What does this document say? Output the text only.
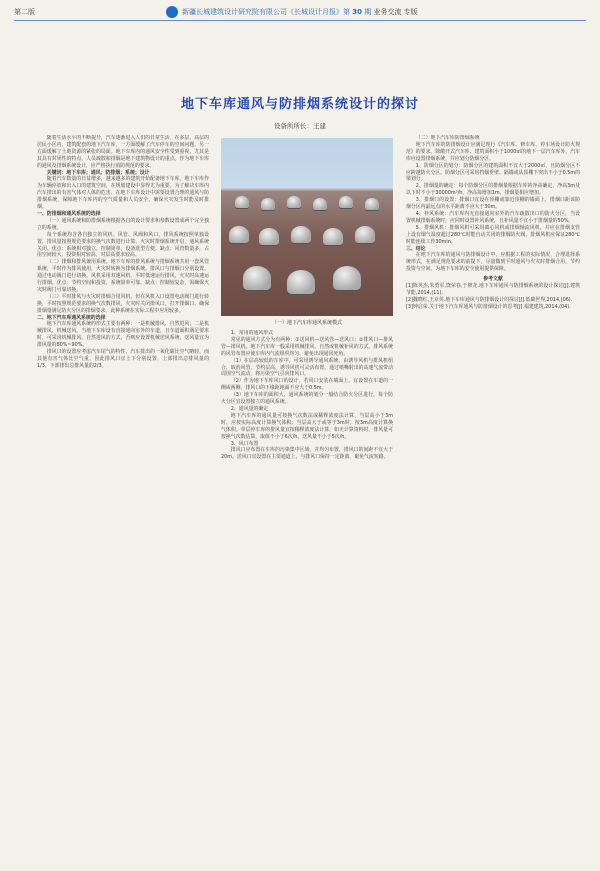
第二版	新疆长城建筑设计研究院有限公司《长城设计月报》第 30 期 业务交流 专版
地下车库通风与防排烟系统设计的探讨
设备所所长：王建

随着生活水平的不断提升，汽车逐渐进入人们的日常生活，在多层、高层的居民小区内，建筑配套的地下汽车库，一方面缓解了汽车停车的空间问题，另一方面缓解了土地资源的紧张的局面。地下车库内的通风安全性受到重视，尤其是其具有封闭性的特点，人员疏散和排烟是地下建筑物设计的重点。作为地下车库的通风及排烟系统设计，应严格执行消防规范的要求。

关键词：地下车库；通风；防排烟；系统；设计

随着汽车数量的日益增多，越来越多的建筑开始配备地下车库，地下车库作为车辆停放和出入口的建筑空间，在规划建设中显得尤为重要。为了解决车库内汽车排出的有害气体对人体的危害，在地下车库设计中需要设置合理的通风与防排烟系统，保障地下车库内的空气质量和人员安全，确保火灾发生时能及时排烟。

一、防排烟和通风系统的选择

（一）通风系统和防排烟系统根据各自的设计要求和参数设置成两个完全独立的系统。

每个系统均含各自独立的风机、风管、风阀和风口，排风系统按照单独设置，排风量按照规范要求的换气次数进行计算，火灾时排烟系统开启，通风系统关闭。优点：系统相对独立，控制简单，设备选型方便。缺点：风管数量多，占用空间较大，投资相对较高，对层高要求较高。

（二）排烟和排风兼用系统。地下车库的排风系统与排烟系统共用一套风管系统，平时作为排风使用，火灾时转换为排烟系统。排风口与排烟口分别设置，通过电动阀门进行切换。风机采用双速风机，平时低速运行排风，火灾时高速运行排烟。优点：节约空间和投资，系统简单可靠。缺点：控制较复杂，需确保火灾时阀门可靠切换。

（三）平时排风与火灾时排烟合用风机，但在风机入口设置电动阀门进行转换，平时按照规范要求的换气次数排风，火灾时关闭排风口，打开排烟口，确保排烟量满足防火分区的排烟要求。此种系统在实际工程中应用较多。

二、地下汽车库通风系统的选择

地下汽车库通风系统的形式主要有两种：一是机械排风、自然进风；二是机械排风、机械送风。当地下车库设有直接通向室外的车道，且车道面积满足要求时，可采用机械排风、自然进风的方式，否则应设置机械送风系统，送风量宜为排风量的80%~90%。

排风口的设置应考虑汽车尾气的特性，汽车排出的一氧化碳比空气略轻，而其他有害气体比空气重，因此排风口宜上下分别设置，上部排出总排风量的1/3，下部排出总排风量的2/3。

（一）地下汽车库通风系统模式

1、常用的通风形式

常见的通风方式分为有两种：①送风机—送风管—送风口；②排风口—排风管—排风机。地下汽车库一般采用机械排风，自然或机械补风的方式，排风系统的风管布置应使车库内气流组织均匀，避免出现通风死角。

（1）在层高较低的车库中，可采用诱导通风系统，由诱导风机与排风机组合，取消风管，节约层高，诱导风机可灵活布置，通过喷嘴射出的高速气流带动周围空气流动，将污染空气引向排风口。

（2）作为地下车库风口的设计，若风口安装在墙面上，宜设置在车道的一侧或两侧，排风口的下缘距地面不应大于0.5m。

（3）地下车库的面积大，通风系统的划分一般结合防火分区进行，每个防火分区宜设置独立的通风系统。

2、通风量的确定

地下汽车库的通风量可按换气次数法或稀释浓度法计算，当层高小于3m时，应按实际高度计算换气体积；当层高大于或等于3m时，按3m高度计算换气体积。单层停车库的排风量宜按稀释浓度法计算，如无计算资料时，排风量可按换气次数估算，取值不小于6次/h，送风量不小于5次/h。

3、风口布置

排风口应布置在车库的污染集中区域，并均匀布置，排风口的间距不宜大于20m。送风口宜设置在主要通道上，与排风口保持一定距离，避免气流短路。

（二）地下汽车库防排烟系统

地下汽车库的防排烟设计应满足现行《汽车库、修车库、停车场设计防火规范》的要求。除敞开式汽车库、建筑面积小于1000㎡的地下一层汽车库外，汽车库应设置排烟系统，并应划分防烟分区。

1、防烟分区的划分：防烟分区的建筑面积不宜大于2000㎡，且防烟分区不应跨越防火分区。防烟分区可采用挡烟垂壁、隔墙或从顶棚下突出不小于0.5m的梁划分。

2、排烟量的确定：每个防烟分区的排烟量根据车库的净高确定，净高3m及以下时不小于30000m³/h，净高每增加1m，排烟量相应增加。

3、排烟口的设置：排烟口宜设在顶棚或靠近顶棚的墙面上，排烟口距该防烟分区内最远点的水平距离不应大于30m。

4、补风系统：汽车库内无直接通向室外的汽车疏散出口的防火分区，当设置机械排烟系统时，应同时设置补风系统，且补风量不宜小于排烟量的50%。

5、排烟风机：排烟风机可采用离心风机或排烟轴流风机，并应在排烟支管上设有烟气温度超过280℃时能自动关闭的排烟防火阀，排烟风机应保证280℃时能连续工作30min。

三、结论

在地下汽车库的通风与防排烟设计中，应根据工程的实际情况，合理选择系统形式，在满足规范要求的前提下，尽量做到平时通风与火灾时排烟合用，节约投资与空间，为地下车库的安全使用提供保障。

参考文献
[1]陈英杰,朱勇军,饶荣春,于修龙.地下车库通风与防排烟系统的设计探讨[J].建筑节能,2014,(11).
[2]魏晓红,王京英.地下车库通风与防排烟设计的探讨[J].低碳世界,2014,(06).
[3]钟启荣.关于地下汽车库通风与防排烟设计的思考[J].福建建筑,2014,(04).
